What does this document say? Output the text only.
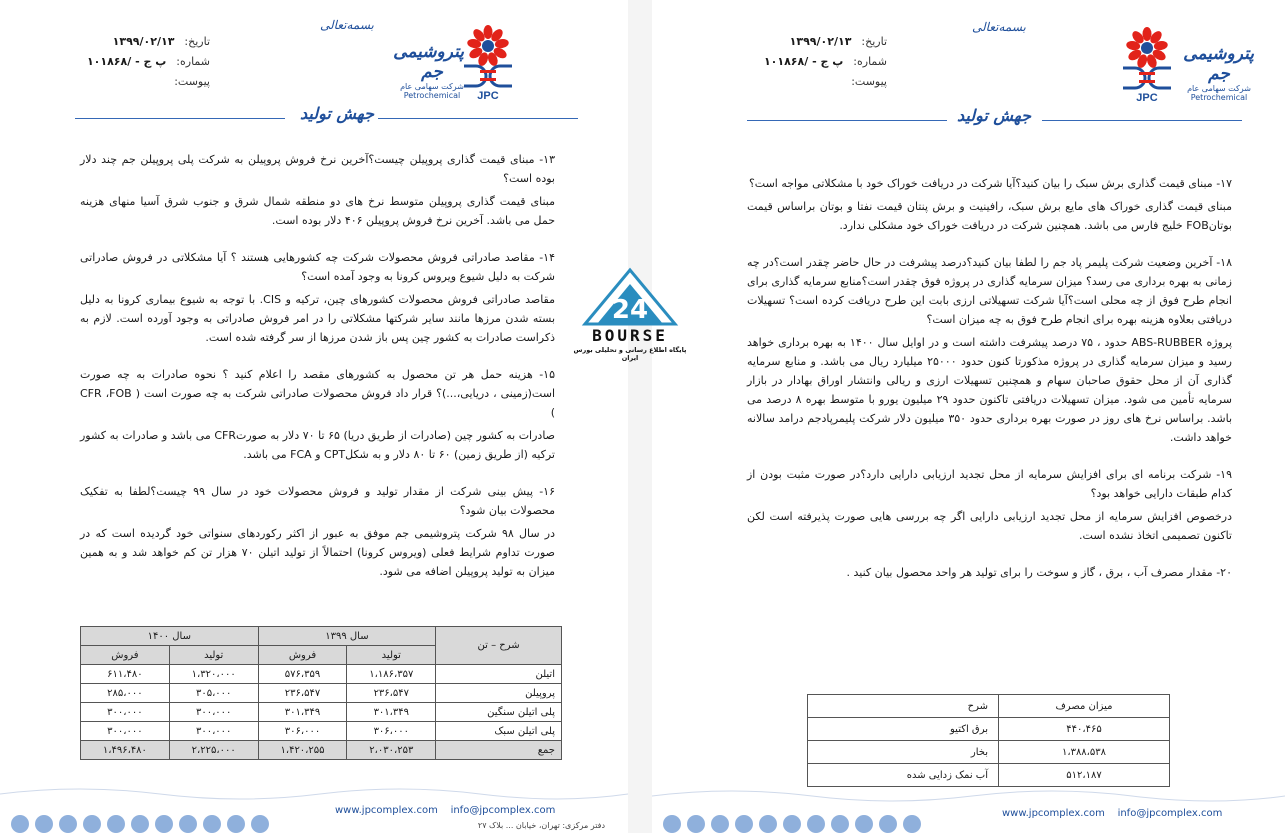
بسمه‌تعالی
تاریخ:
۱۳۹۹/۰۲/۱۳
شماره:
۱۰۱۸۶۸/ - پ ج
پیوست:
JPC
پتروشیمی جم
شرکت سهامی عام
Petrochemical
جهش تولید
۱۳- مبنای قیمت گذاری پروپیلن چیست؟آخرین نرخ فروش پروپیلن به شرکت پلی پروپیلن جم چند دلار بوده است؟
مبنای قیمت گذاری پروپیلن متوسط نرخ های دو منطقه شمال شرق و جنوب شرق آسیا منهای هزینه حمل می باشد. آخرین نرخ فروش پروپیلن ۴۰۶ دلار بوده است.
۱۴- مقاصد صادراتی فروش محصولات شرکت چه کشورهایی هستند ؟ آیا مشکلاتی در فروش صادراتی شرکت به دلیل شیوع ویروس کرونا به وجود آمده است؟
مقاصد صادراتی فروش محصولات کشورهای چین، ترکیه و CIS. با توجه به شیوع بیماری کرونا به دلیل بسته شدن مرزها مانند سایر شرکتها مشکلاتی را در امر فروش صادراتی به وجود آورده است. لازم به ذکراست صادرات به کشور چین پس باز شدن مرزها از سر گرفته شده است.
۱۵- هزینه حمل هر تن محصول به کشورهای مقصد را اعلام کنید ؟ نحوه صادرات به چه صورت است(زمینی ، دریایی،...)؟ قرار داد فروش محصولات صادراتی شرکت به چه صورت است ( CFR ،FOB )
صادرات به کشور چین (صادرات از طریق دریا) ۶۵ تا ۷۰ دلار به صورتCFR می باشد و صادرات به کشور ترکیه (از طریق زمین) ۶۰ تا ۸۰ دلار و به شکلCPT و FCA می باشد.
۱۶- پیش بینی شرکت از مقدار تولید و فروش محصولات خود در سال ۹۹ چیست؟لطفا به تفکیک محصولات بیان شود؟
در سال ۹۸ شرکت پتروشیمی جم موفق به عبور از اکثر رکوردهای سنواتی خود گردیده است که در صورت تداوم شرایط فعلی (ویروس کرونا) احتمالاً از تولید اتیلن ۷۰ هزار تن کم خواهد شد و به همین میزان به تولید پروپیلن اضافه می شود.
شرح – تن	سال ۱۳۹۹		سال ۱۴۰۰	
	تولید	فروش	تولید	فروش
اتیلن	۱،۱۸۶،۳۵۷	۵۷۶،۳۵۹	۱،۳۲۰،۰۰۰	۶۱۱،۴۸۰
پروپیلن	۲۳۶،۵۴۷	۲۳۶،۵۴۷	۳۰۵،۰۰۰	۲۸۵،۰۰۰
پلی اتیلن سنگین	۳۰۱،۳۴۹	۳۰۱،۳۴۹	۳۰۰،۰۰۰	۳۰۰،۰۰۰
پلی اتیلن سبک	۳۰۶،۰۰۰	۳۰۶،۰۰۰	۳۰۰،۰۰۰	۳۰۰،۰۰۰
جمع	۲،۰۳۰،۲۵۳	۱،۴۲۰،۲۵۵	۲،۲۲۵،۰۰۰	۱،۴۹۶،۴۸۰
www.jpcomplex.com info@jpcomplex.com
دفتر مرکزی: تهران، خیابان ... بلاک ۲۷
بسمه‌تعالی
تاریخ:
۱۳۹۹/۰۲/۱۳
شماره:
۱۰۱۸۶۸/ - پ ج
پیوست:
JPC
پتروشیمی جم
شرکت سهامی عام
Petrochemical
جهش تولید
۱۷- مبنای قیمت گذاری برش سبک را بیان کنید؟آیا شرکت در دریافت خوراک خود با مشکلاتی مواجه است؟
مبنای قیمت گذاری خوراک های مایع برش سبک، رافینیت و برش پنتان قیمت نفتا و بوتان براساس قیمت بوتانFOB خلیج فارس می باشد. همچنین شرکت در دریافت خوراک خود مشکلی ندارد.
۱۸- آخرین وضعیت شرکت پلیمر پاد جم را لطفا بیان کنید؟درصد پیشرفت در حال حاضر چقدر است؟در چه زمانی به بهره برداری می رسد؟ میزان سرمایه گذاری در پروژه فوق چقدر است؟منابع سرمایه گذاری برای انجام طرح فوق از چه محلی است؟آیا شرکت تسهیلاتی ارزی بابت این طرح دریافت کرده است؟ تسهیلات دریافتی بعلاوه هزینه بهره برای انجام طرح فوق به چه میزان است؟
پروژه ABS-RUBBER حدود ، ۷۵ درصد پیشرفت داشته است و در اوایل سال ۱۴۰۰ به بهره برداری خواهد رسید و میزان سرمایه گذاری در پروژه مذکورتا کنون حدود ۲۵۰۰۰ میلیارد ریال می باشد. و منابع سرمایه گذاری آن از محل حقوق صاحبان سهام و همچنین تسهیلات ارزی و ریالی وانتشار اوراق بهادار در بازار سرمایه تأمین می شود. میزان تسهیلات دریافتی تاکنون حدود ۲۹ میلیون یورو با متوسط بهره ۸ درصد می باشد. براساس نرخ های روز در صورت بهره برداری حدود ۳۵۰ میلیون دلار شرکت پلیمرپادجم درامد سالانه خواهد داشت.
۱۹- شرکت برنامه ای برای افزایش سرمایه از محل تجدید ارزیابی دارایی دارد؟در صورت مثبت بودن از کدام طبقات دارایی خواهد بود؟
درخصوص افزایش سرمایه از محل تجدید ارزیابی دارایی اگر چه بررسی هایی صورت پذیرفته است لکن تاکنون تصمیمی اتخاذ نشده است.
۲۰- مقدار مصرف آب ، برق ، گاز و سوخت را برای تولید هر واحد محصول بیان کنید .
میزان مصرف	شرح
۴۴۰،۴۶۵	برق اکتیو
۱،۳۸۸،۵۳۸	بخار
۵۱۲،۱۸۷	آب نمک زدایی شده
www.jpcomplex.com info@jpcomplex.com
24
BOURSE
پایگاه اطلاع رسانی و تحلیلی بورس ایران
